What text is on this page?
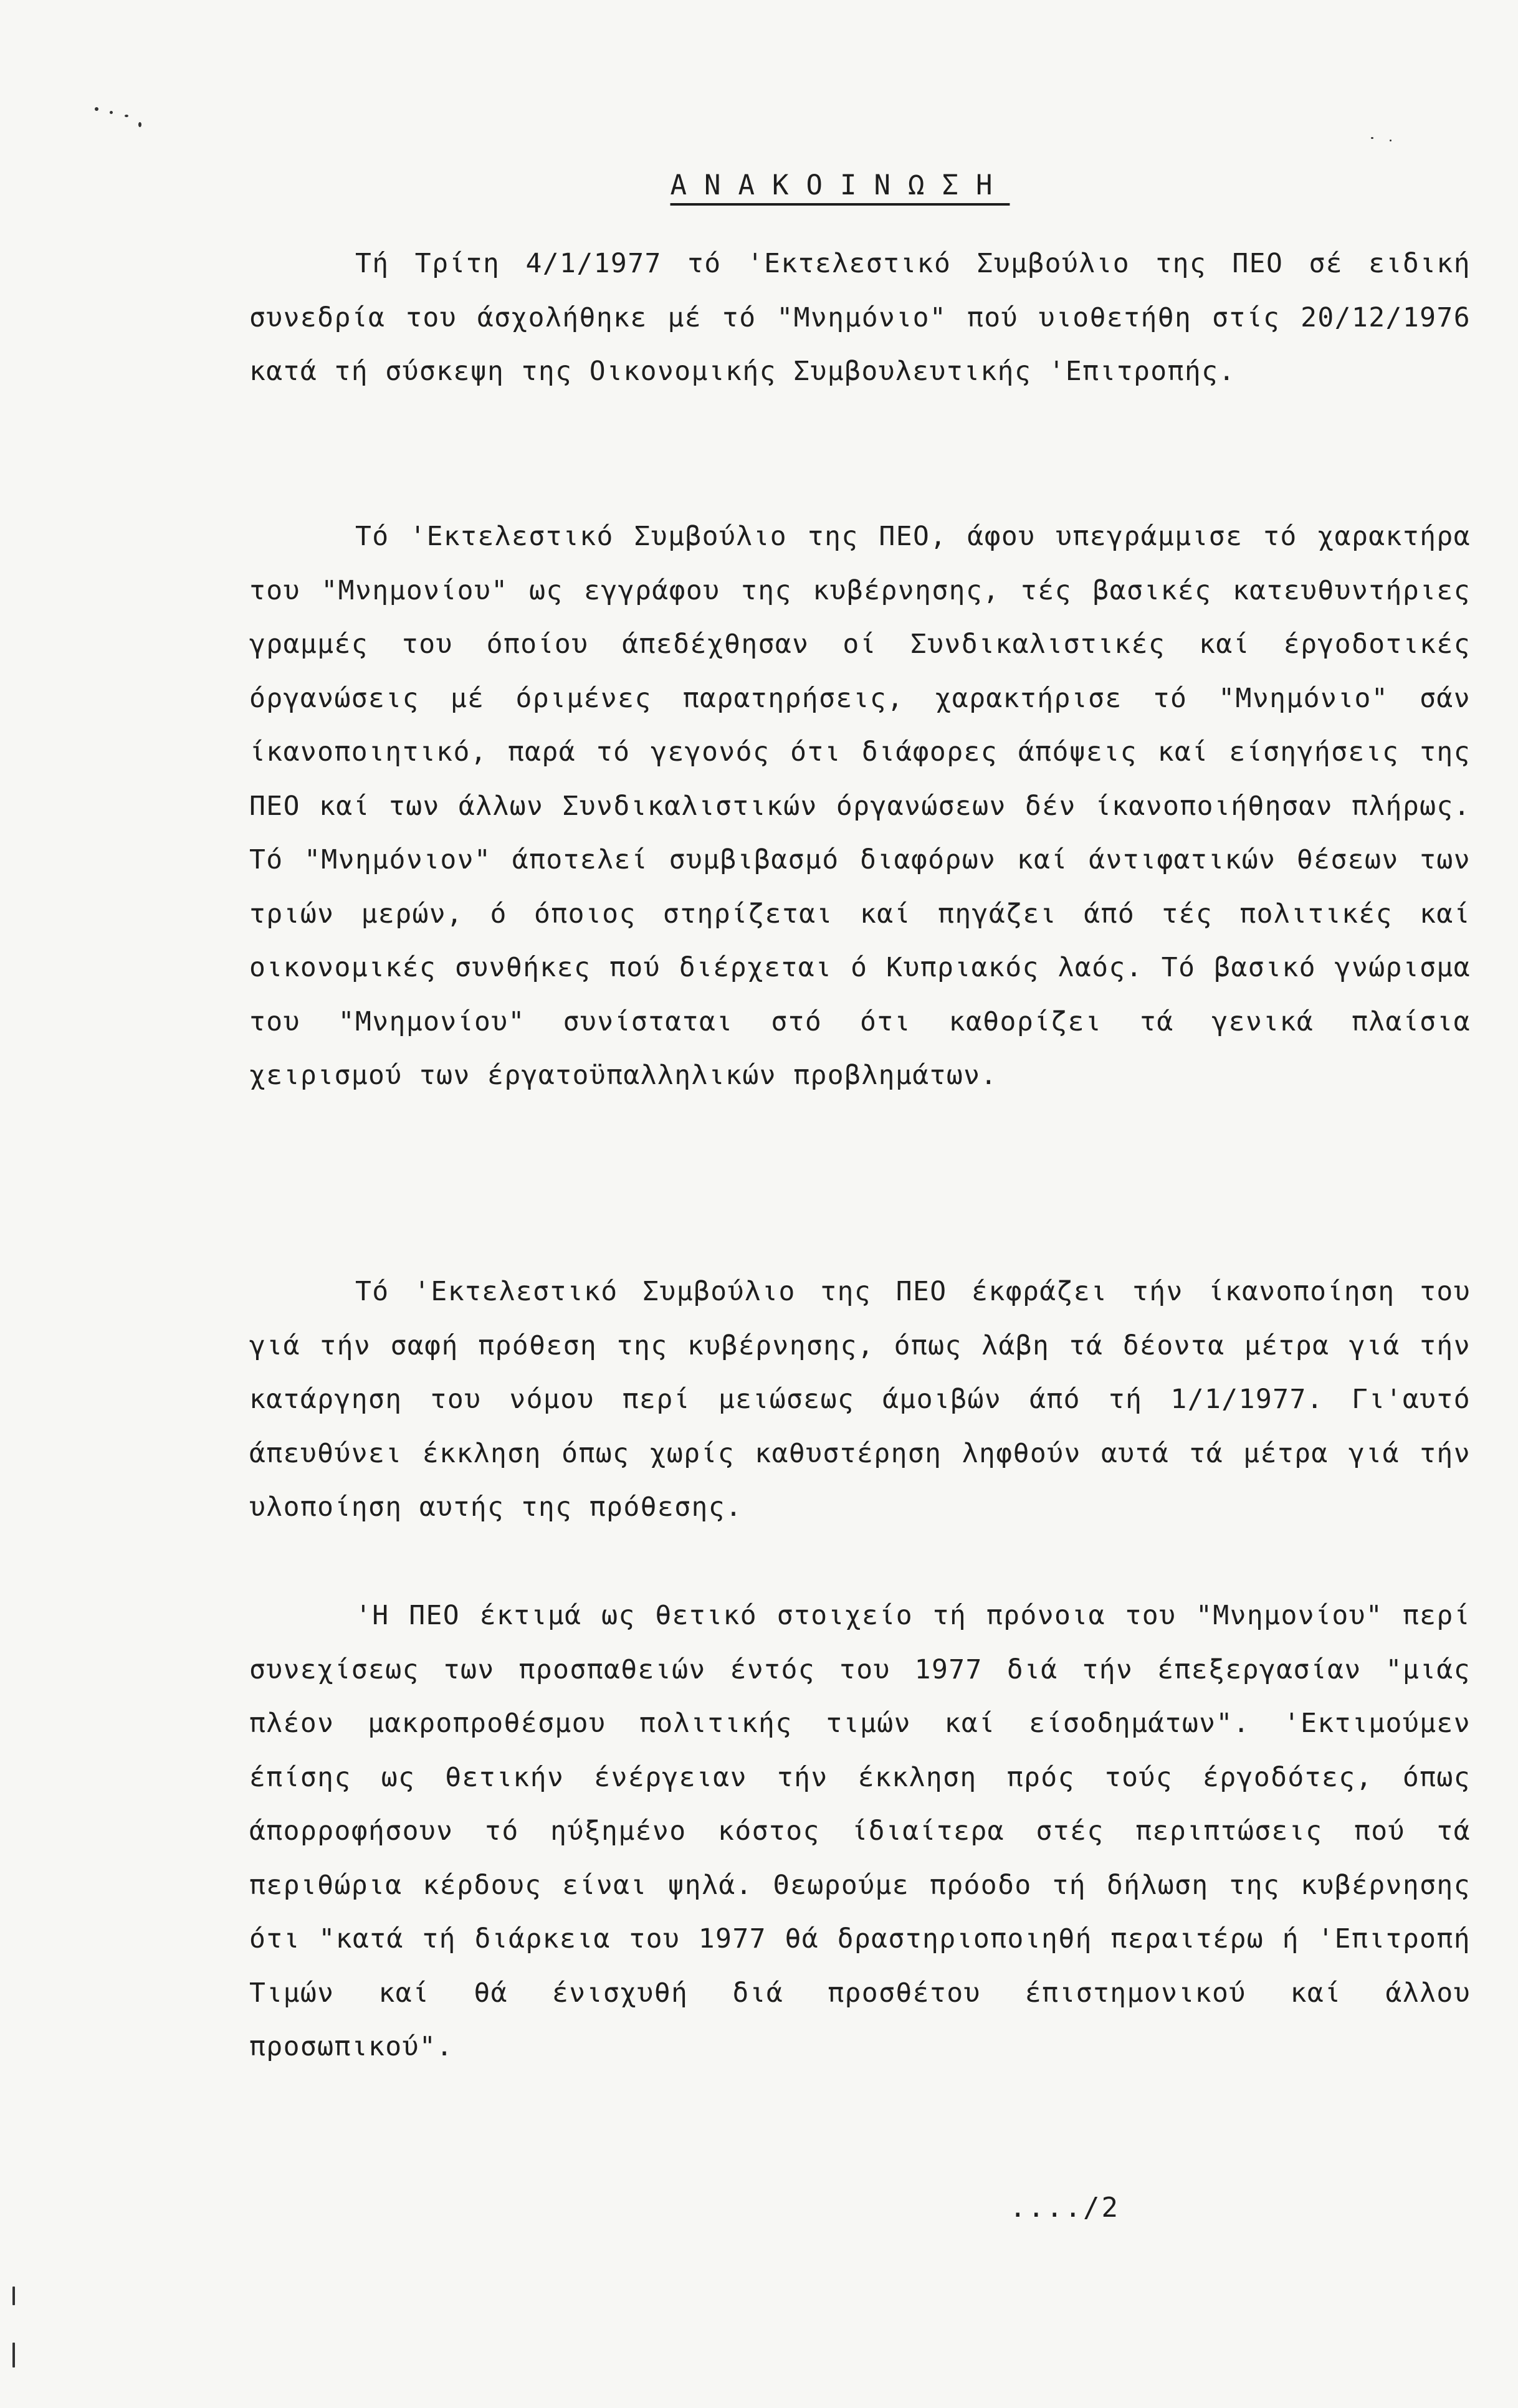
ΑΝΑΚΟΙΝΩΣΗ

Τή Τρίτη 4/1/1977 τό 'Εκτελεστικό Συμβούλιο της ΠΕΟ σέ ειδική συνεδρία του άσχολήθηκε μέ τό "Μνημόνιο" πού υιοθετήθη στίς 20/12/1976 κατά τή σύσκεψη της Οικονομικής Συμβουλευτικής 'Επιτροπής.

Τό 'Εκτελεστικό Συμβούλιο της ΠΕΟ, άφου υπεγράμμισε τό χαρακτήρα του "Μνημονίου" ως εγγράφου της κυβέρνησης, τές βασικές κατευθυντήριες γραμμές του όποίου άπεδέχθησαν οί Συνδικαλιστικές καί έργοδοτικές όργανώσεις μέ όριμένες παρατηρήσεις, χαρακτήρισε τό "Μνημόνιο" σάν ίκανοποιητικό, παρά τό γεγονός ότι διάφορες άπόψεις καί είσηγήσεις της ΠΕΟ καί των άλλων Συνδικαλιστικών όργανώσεων δέν ίκανοποιήθησαν πλήρως. Τό "Μνημόνιον" άποτελεί συμβιβασμό διαφόρων καί άντιφατικών θέσεων των τριών μερών, ό όποιος στηρίζεται καί πηγάζει άπό τές πολιτικές καί οικονομικές συνθήκες πού διέρχεται ό Κυπριακός λαός. Τό βασικό γνώρισμα του "Μνημονίου" συνίσταται στό ότι καθορίζει τά γενικά πλαίσια χειρισμού των έργατοϋπαλληλικών προβλημάτων.

Τό 'Εκτελεστικό Συμβούλιο της ΠΕΟ έκφράζει τήν ίκανοποίηση του γιά τήν σαφή πρόθεση της κυβέρνησης, όπως λάβη τά δέοντα μέτρα γιά τήν κατάργηση του νόμου περί μειώσεως άμοιβών άπό τή 1/1/1977. Γι'αυτό άπευθύνει έκκληση όπως χωρίς καθυστέρηση ληφθούν αυτά τά μέτρα γιά τήν υλοποίηση αυτής της πρόθεσης.

'Η ΠΕΟ έκτιμά ως θετικό στοιχείο τή πρόνοια του "Μνημονίου" περί συνεχίσεως των προσπαθειών έντός του 1977 διά τήν έπεξεργασίαν "μιάς πλέον μακροπροθέσμου πολιτικής τιμών καί είσοδημάτων". 'Εκτιμούμεν έπίσης ως θετικήν ένέργειαν τήν έκκληση πρός τούς έργοδότες, όπως άπορροφήσουν τό ηύξημένο κόστος ίδιαίτερα στές περιπτώσεις πού τά περιθώρια κέρδους είναι ψηλά. Θεωρούμε πρόοδο τή δήλωση της κυβέρνησης ότι "κατά τή διάρκεια του 1977 θά δραστηριοποιηθή περαιτέρω ή 'Επιτροπή Τιμών καί θά ένισχυθή διά προσθέτου έπιστημονικού καί άλλου προσωπικού".

..../2
